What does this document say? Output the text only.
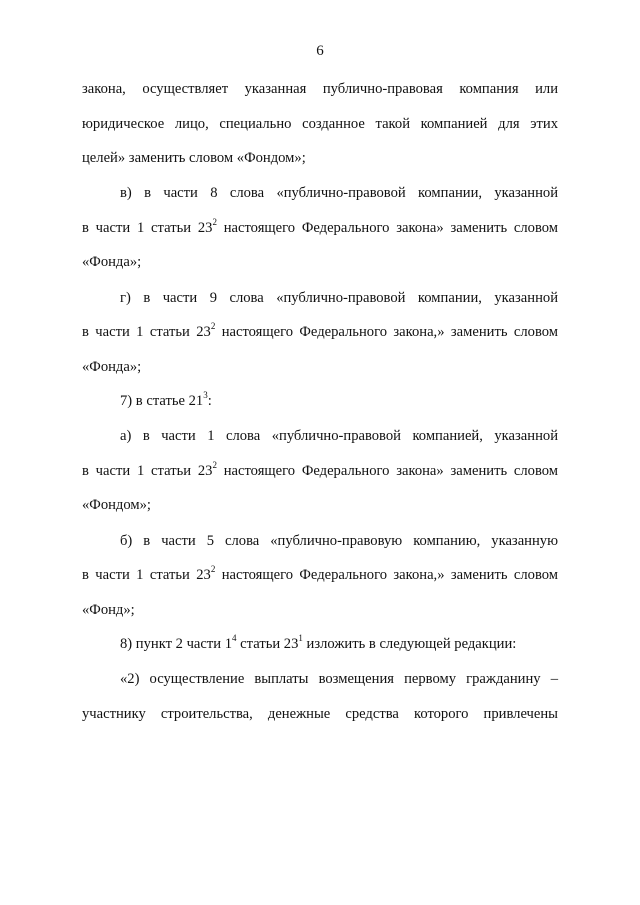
6
закона, осуществляет указанная публично-правовая компания или
юридическое лицо, специально созданное такой компанией для этих
целей» заменить словом «Фондом»;
в) в части 8 слова «публично-правовой компании, указанной
в части 1 статьи $23^2$ настоящего Федерального закона» заменить словом
«Фонда»;
г) в части 9 слова «публично-правовой компании, указанной
в части 1 статьи $23^2$ настоящего Федерального закона,» заменить словом
«Фонда»;
7) в статье $21^3$:
а) в части 1 слова «публично-правовой компанией, указанной
в части 1 статьи $23^2$ настоящего Федерального закона» заменить словом
«Фондом»;
б) в части 5 слова «публично-правовую компанию, указанную
в части 1 статьи $23^2$ настоящего Федерального закона,» заменить словом
«Фонд»;
8) пункт 2 части $1^4$ статьи $23^1$ изложить в следующей редакции:
«2) осуществление выплаты возмещения первому гражданину –
участнику строительства, денежные средства которого привлечены
